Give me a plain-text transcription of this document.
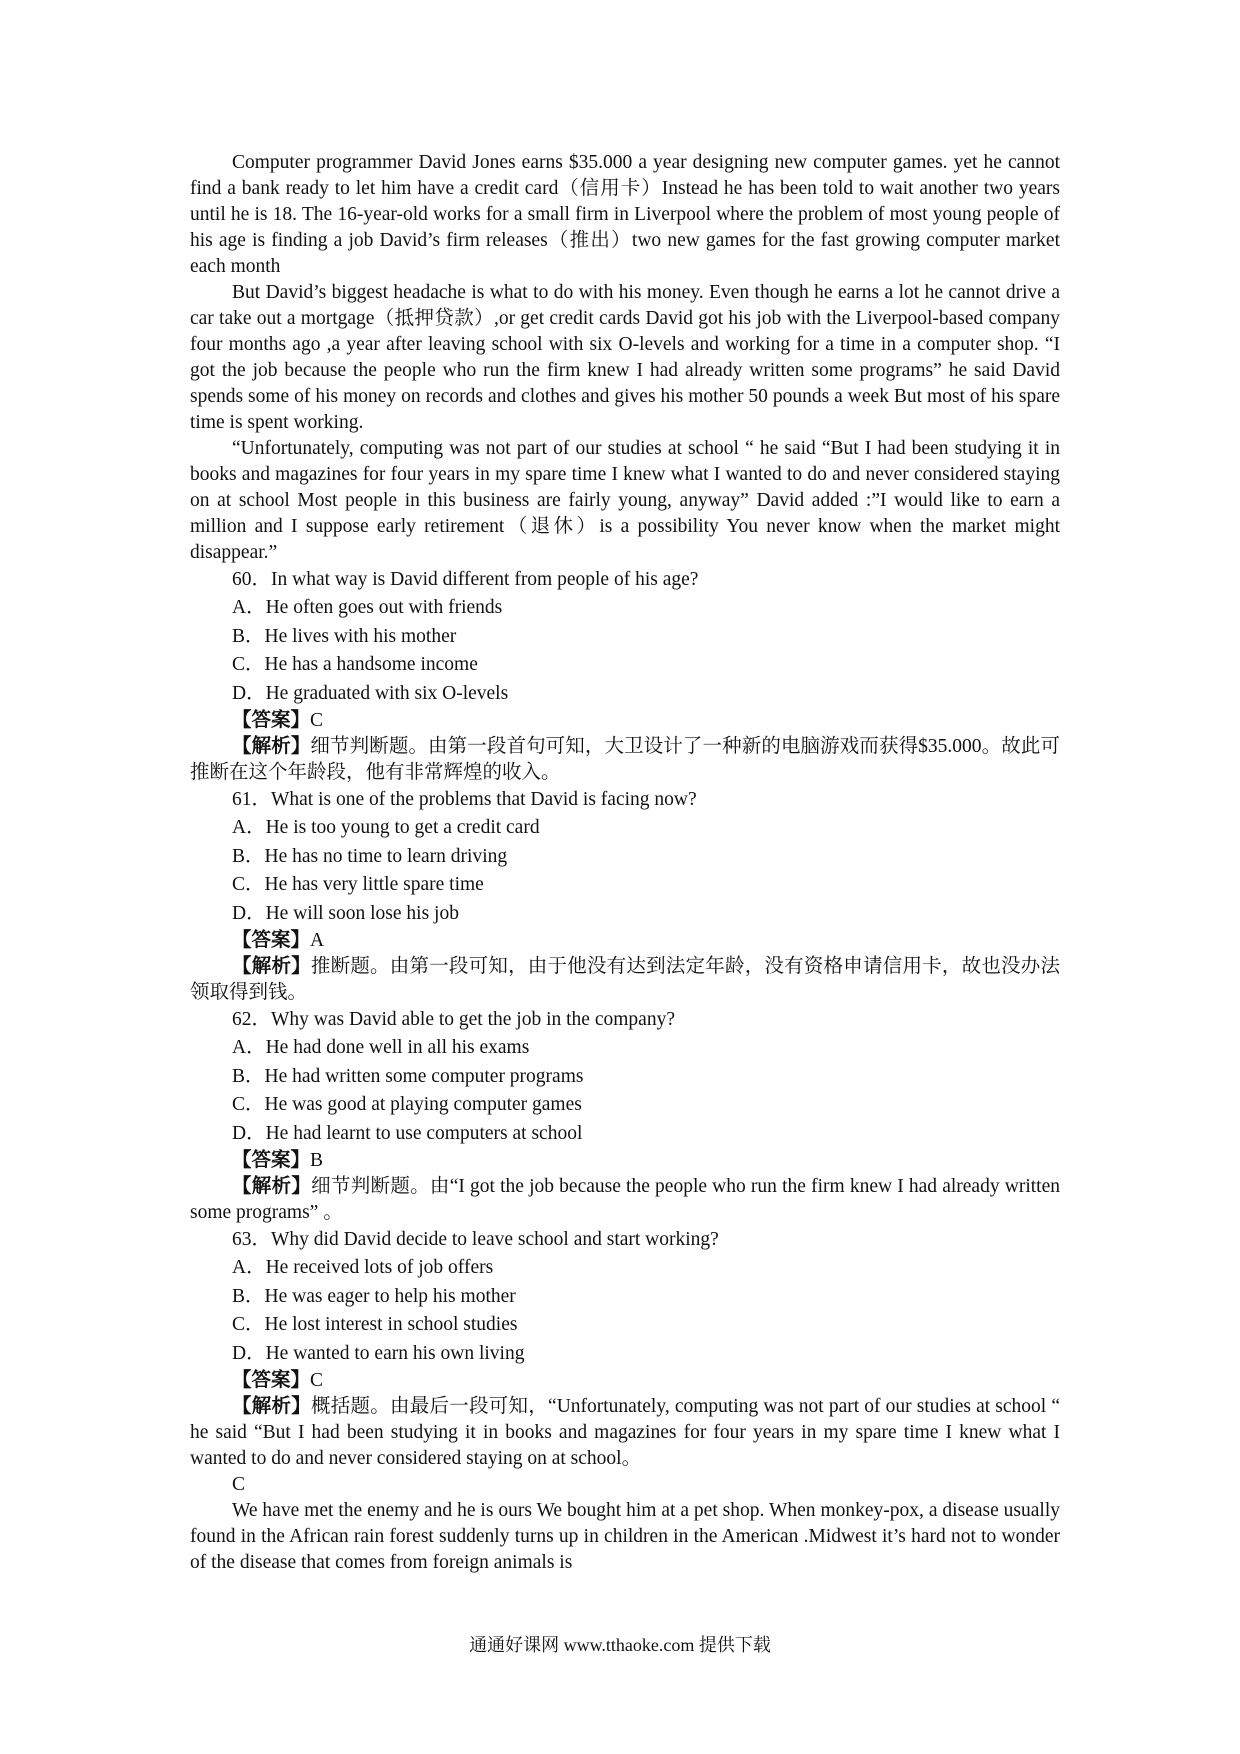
Computer programmer David Jones earns $35.000 a year designing new computer games. yet he cannot find a bank ready to let him have a credit card（信用卡）Instead he has been told to wait another two years until he is 18. The 16-year-old works for a small firm in Liverpool where the problem of most young people of his age is finding a job David’s firm releases（推出）two new games for the fast growing computer market each month

But David’s biggest headache is what to do with his money. Even though he earns a lot he cannot drive a car take out a mortgage（抵押贷款）,or get credit cards David got his job with the Liverpool-based company four months ago ,a year after leaving school with six O-levels and working for a time in a computer shop. “I got the job because the people who run the firm knew I had already written some programs” he said David spends some of his money on records and clothes and gives his mother 50 pounds a week But most of his spare time is spent working.

“Unfortunately, computing was not part of our studies at school “ he said “But I had been studying it in books and magazines for four years in my spare time I knew what I wanted to do and never considered staying on at school Most people in this business are fairly young, anyway” David added :”I would like to earn a million and I suppose early retirement（退休）is a possibility You never know when the market might disappear.”

60．In what way is David different from people of his age?

A．He often goes out with friends

B．He lives with his mother

C．He has a handsome income

D．He graduated with six O-levels

【答案】C

【解析】细节判断题。由第一段首句可知，大卫设计了一种新的电脑游戏而获得$35.000。故此可推断在这个年龄段，他有非常辉煌的收入。

61．What is one of the problems that David is facing now?

A．He is too young to get a credit card

B．He has no time to learn driving

C．He has very little spare time

D．He will soon lose his job

【答案】A

【解析】推断题。由第一段可知，由于他没有达到法定年龄，没有资格申请信用卡，故也没办法领取得到钱。

62．Why was David able to get the job in the company?

A．He had done well in all his exams

B．He had written some computer programs

C．He was good at playing computer games

D．He had learnt to use computers at school

【答案】B

【解析】细节判断题。由“I got the job because the people who run the firm knew I had already written some programs” 。

63．Why did David decide to leave school and start working?

A．He received lots of job offers

B．He was eager to help his mother

C．He lost interest in school studies

D．He wanted to earn his own living

【答案】C

【解析】概括题。由最后一段可知，“Unfortunately, computing was not part of our studies at school “ he said “But I had been studying it in books and magazines for four years in my spare time I knew what I wanted to do and never considered staying on at school。

C

We have met the enemy and he is ours We bought him at a pet shop. When monkey-pox, a disease usually found in the African rain forest suddenly turns up in children in the American .Midwest it’s hard not to wonder of the disease that comes from foreign animals is

通通好课网 www.tthaoke.com 提供下载
